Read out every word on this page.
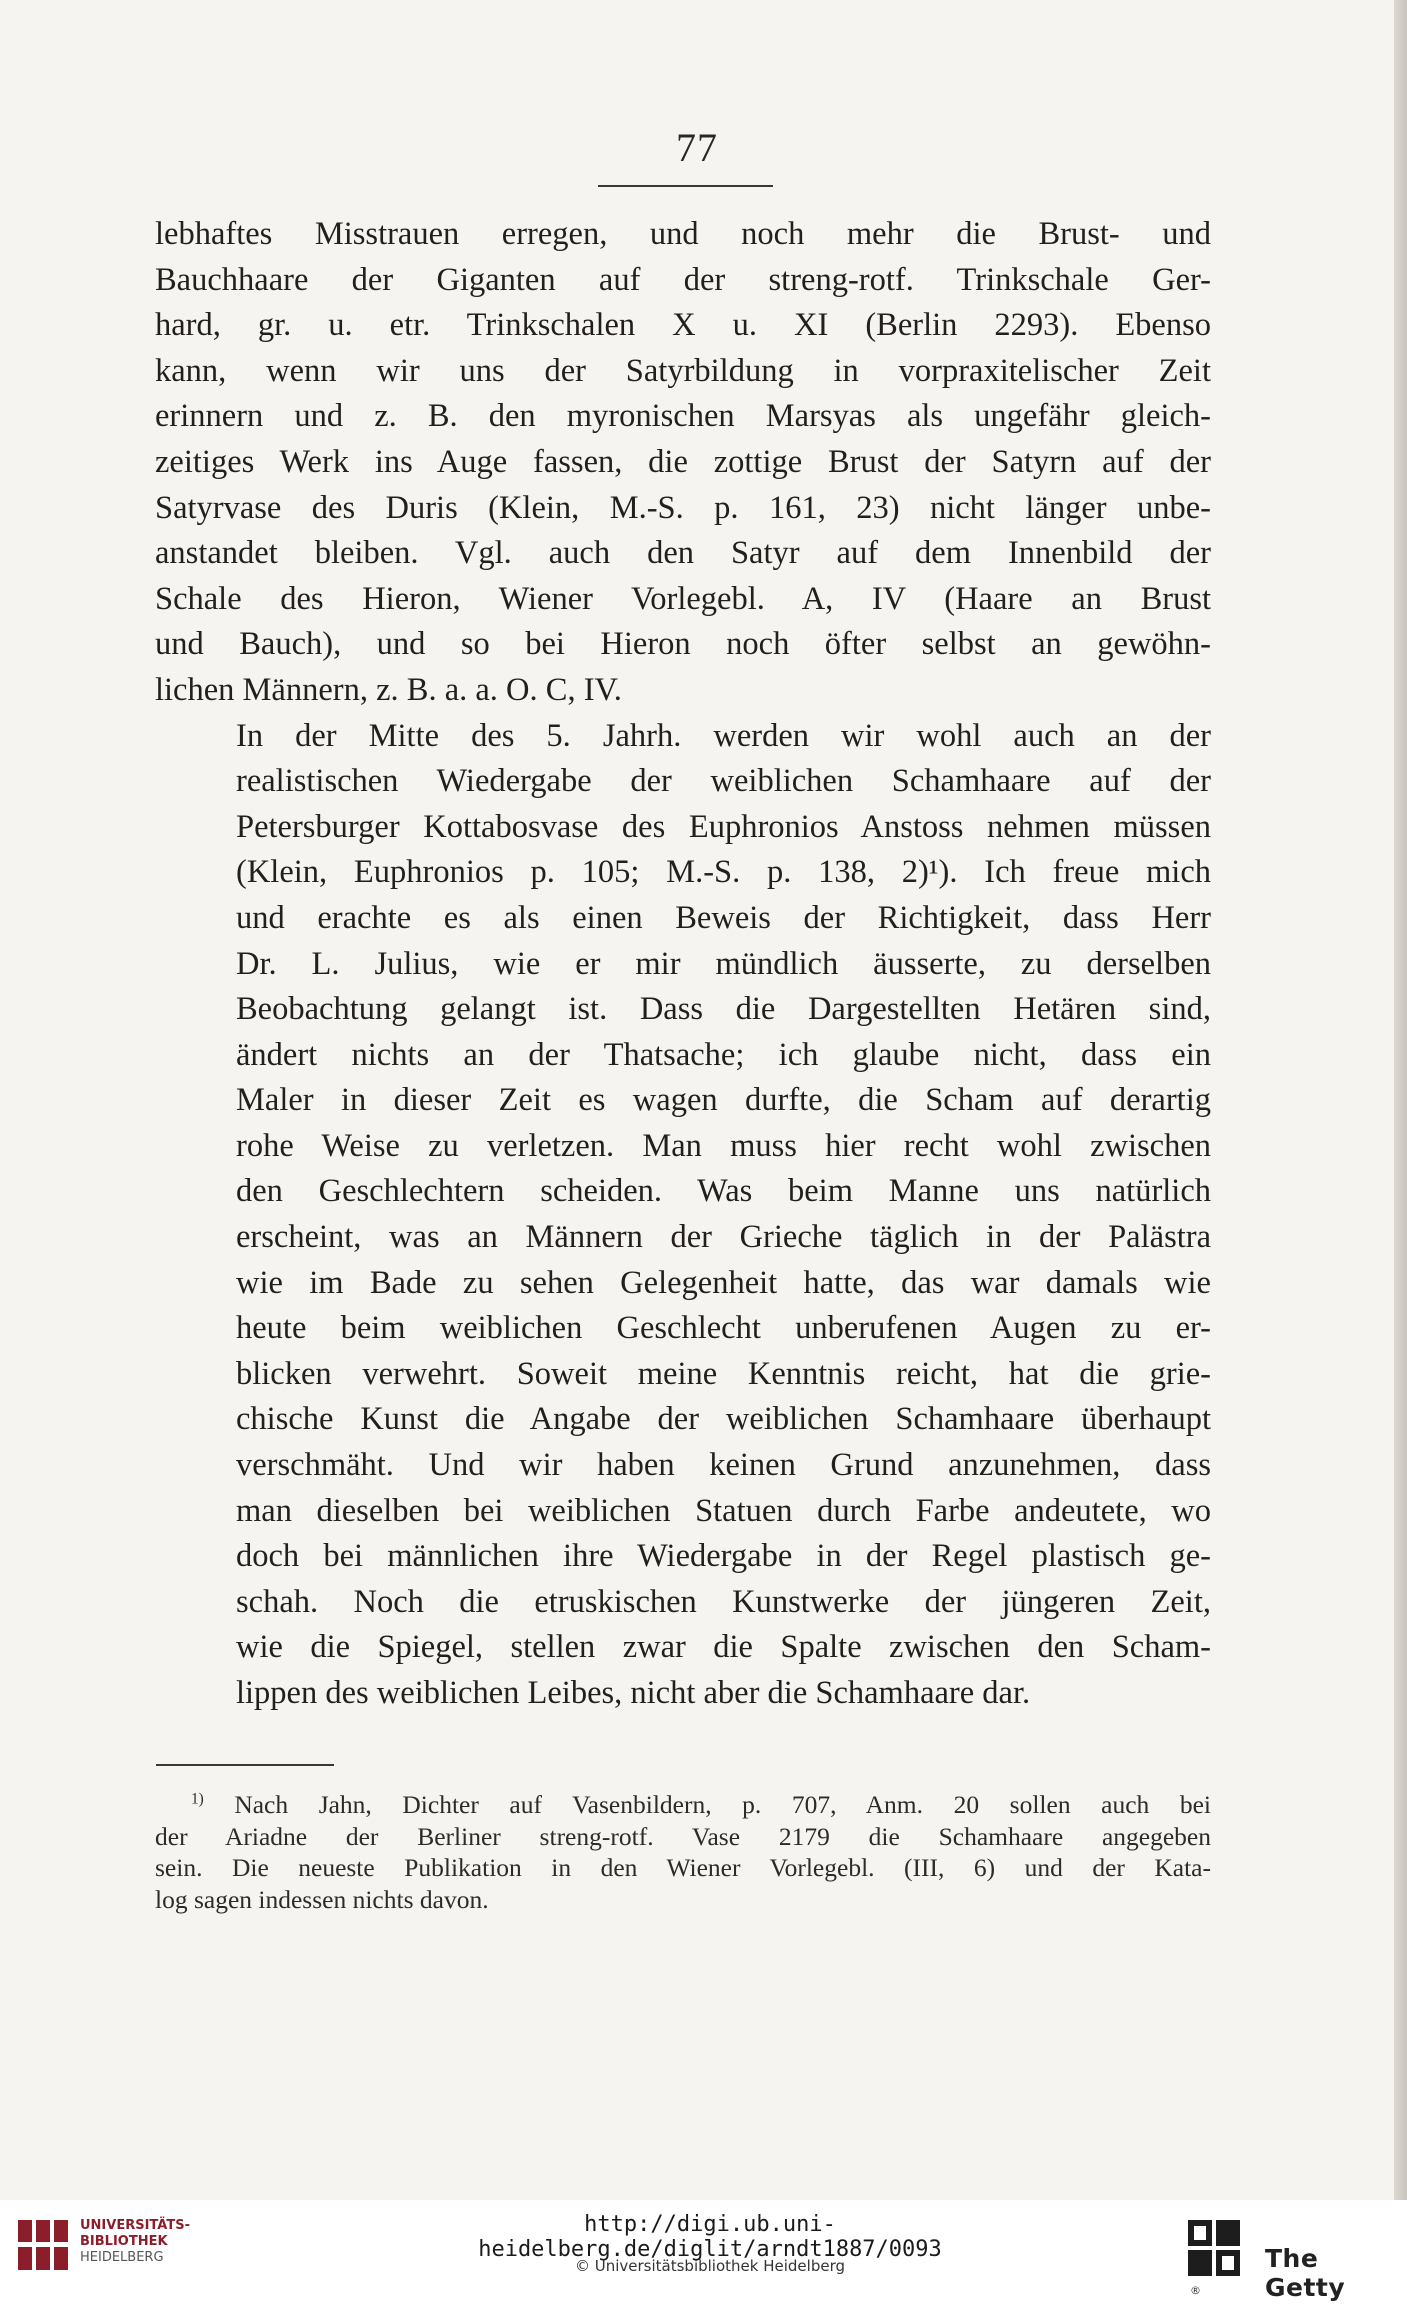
77

lebhaftes Misstrauen erregen, und noch mehr die Brust- und
Bauchhaare der Giganten auf der streng-rotf. Trinkschale Ger-
hard, gr. u. etr. Trinkschalen X u. XI (Berlin 2293). Ebenso
kann, wenn wir uns der Satyrbildung in vorpraxitelischer Zeit
erinnern und z. B. den myronischen Marsyas als ungefähr gleich-
zeitiges Werk ins Auge fassen, die zottige Brust der Satyrn auf der
Satyrvase des Duris (Klein, M.-S. p. 161, 23) nicht länger unbe-
anstandet bleiben. Vgl. auch den Satyr auf dem Innenbild der
Schale des Hieron, Wiener Vorlegebl. A, IV (Haare an Brust
und Bauch), und so bei Hieron noch öfter selbst an gewöhn-
lichen Männern, z. B. a. a. O. C, IV.

In der Mitte des 5. Jahrh. werden wir wohl auch an der
realistischen Wiedergabe der weiblichen Schamhaare auf der
Petersburger Kottabosvase des Euphronios Anstoss nehmen müssen
(Klein, Euphronios p. 105; M.-S. p. 138, 2)¹). Ich freue mich
und erachte es als einen Beweis der Richtigkeit, dass Herr
Dr. L. Julius, wie er mir mündlich äusserte, zu derselben
Beobachtung gelangt ist. Dass die Dargestellten Hetären sind,
ändert nichts an der Thatsache; ich glaube nicht, dass ein
Maler in dieser Zeit es wagen durfte, die Scham auf derartig
rohe Weise zu verletzen. Man muss hier recht wohl zwischen
den Geschlechtern scheiden. Was beim Manne uns natürlich
erscheint, was an Männern der Grieche täglich in der Palästra
wie im Bade zu sehen Gelegenheit hatte, das war damals wie
heute beim weiblichen Geschlecht unberufenen Augen zu er-
blicken verwehrt. Soweit meine Kenntnis reicht, hat die grie-
chische Kunst die Angabe der weiblichen Schamhaare überhaupt
verschmäht. Und wir haben keinen Grund anzunehmen, dass
man dieselben bei weiblichen Statuen durch Farbe andeutete, wo
doch bei männlichen ihre Wiedergabe in der Regel plastisch ge-
schah. Noch die etruskischen Kunstwerke der jüngeren Zeit,
wie die Spiegel, stellen zwar die Spalte zwischen den Scham-
lippen des weiblichen Leibes, nicht aber die Schamhaare dar.

$^{1)}$ Nach Jahn, Dichter auf Vasenbildern, p. 707, Anm. 20 sollen auch bei
der Ariadne der Berliner streng-rotf. Vase 2179 die Schamhaare angegeben
sein. Die neueste Publikation in den Wiener Vorlegebl. (III, 6) und der Kata-
log sagen indessen nichts davon.
UNIVERSITÄTS-
BIBLIOTHEK
HEIDELBERG
http://digi.ub.uni-heidelberg.de/diglit/arndt1887/0093
© Universitätsbibliothek Heidelberg
®
The Getty
